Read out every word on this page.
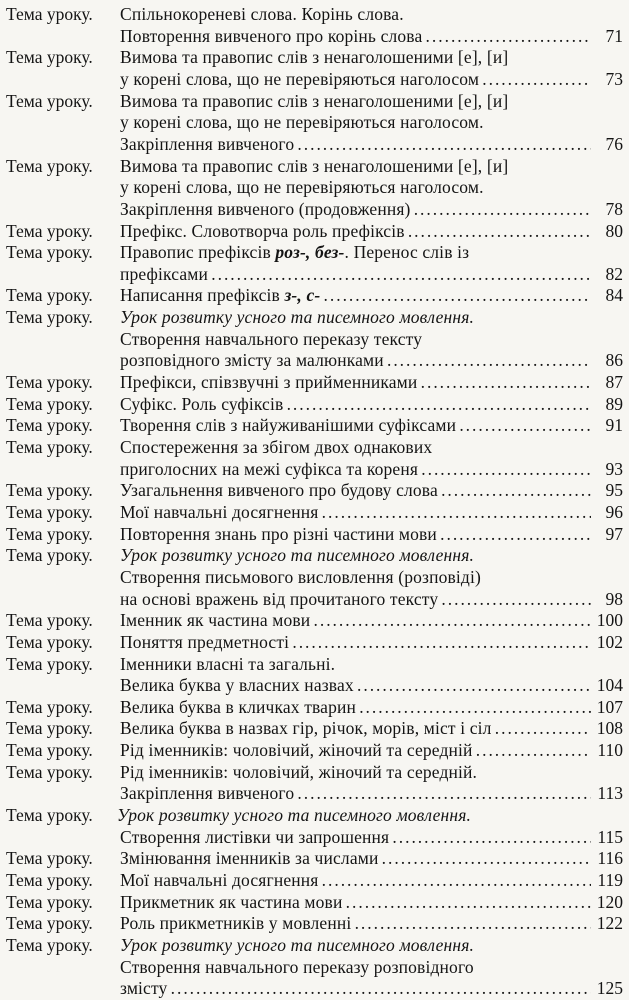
Тема уроку. Спільнокореневі слова. Корінь слова.
Повторення вивченого про корінь слова . . .	71
Тема уроку. Вимова та правопис слів з ненаголошеними [е], [и]
у корені слова, що не перевіряються наголосом . . .	73
Тема уроку. Вимова та правопис слів з ненаголошеними [е], [и]
у корені слова, що не перевіряються наголосом.
Закріплення вивченого . . .	76
Тема уроку. Вимова та правопис слів з ненаголошеними [е], [и]
у корені слова, що не перевіряються наголосом.
Закріплення вивченого (продовження) . . .	78
Тема уроку. Префікс. Словотворча роль префіксів . . .	80
Тема уроку. Правопис префіксів роз-, без-. Перенос слів із
префіксами . . .	82
Тема уроку. Написання префіксів з-, с- . . .	84
Тема уроку. Урок розвитку усного та писемного мовлення.
Створення навчального переказу тексту
розповідного змісту за малюнками . . .	86
Тема уроку. Префікси, співзвучні з прийменниками . . .	87
Тема уроку. Суфікс. Роль суфіксів . . .	89
Тема уроку. Творення слів з найуживанішими суфіксами . . .	91
Тема уроку. Спостереження за збігом двох однакових
приголосних на межі суфікса та кореня . . .	93
Тема уроку. Узагальнення вивченого про будову слова . . .	95
Тема уроку. Мої навчальні досягнення . . .	96
Тема уроку. Повторення знань про різні частини мови . . .	97
Тема уроку. Урок розвитку усного та писемного мовлення.
Створення письмового висловлення (розповіді)
на основі вражень від прочитаного тексту . . .	98
Тема уроку. Іменник як частина мови . . .	100
Тема уроку. Поняття предметності . . .	102
Тема уроку. Іменники власні та загальні.
Велика буква у власних назвах . . .	104
Тема уроку. Велика буква в кличках тварин . . .	107
Тема уроку. Велика буква в назвах гір, річок, морів, міст і сіл . . .	108
Тема уроку. Рід іменників: чоловічий, жіночий та середній . . .	110
Тема уроку. Рід іменників: чоловічий, жіночий та середній.
Закріплення вивченого . . .	113
Тема уроку. Урок розвитку усного та писемного мовлення.
Створення листівки чи запрошення . . .	115
Тема уроку. Змінювання іменників за числами . . .	116
Тема уроку. Мої навчальні досягнення . . .	119
Тема уроку. Прикметник як частина мови . . .	120
Тема уроку. Роль прикметників у мовленні . . .	122
Тема уроку. Урок розвитку усного та писемного мовлення.
Створення навчального переказу розповідного
змісту . . .	125
